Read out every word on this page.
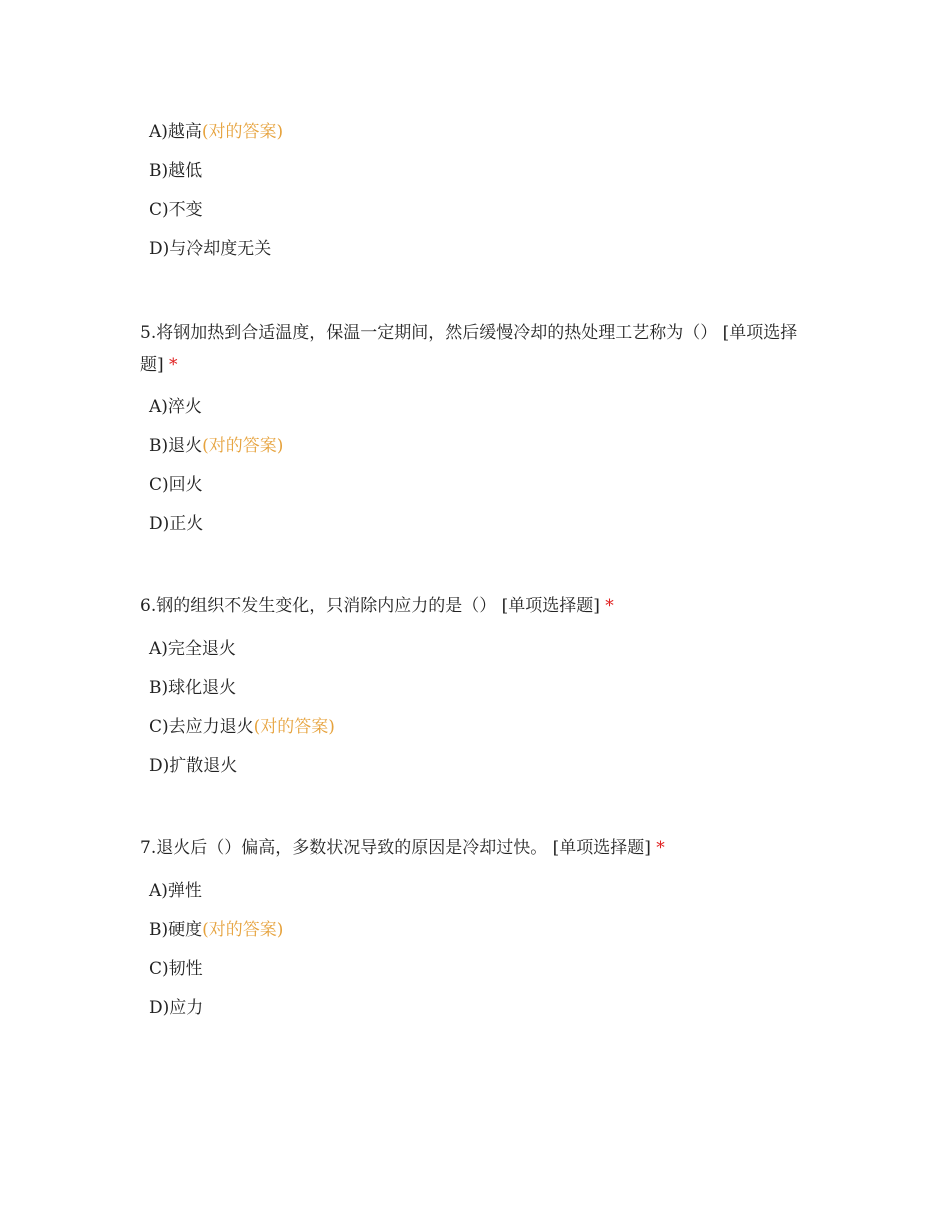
A)越高(对的答案)
B)越低
C)不变
D)与冷却度无关
5.将钢加热到合适温度，保温一定期间，然后缓慢冷却的热处理工艺称为（） [单项选择题] *
A)淬火
B)退火(对的答案)
C)回火
D)正火
6.钢的组织不发生变化，只消除内应力的是（） [单项选择题] *
A)完全退火
B)球化退火
C)去应力退火(对的答案)
D)扩散退火
7.退火后（）偏高，多数状况导致的原因是冷却过快。 [单项选择题] *
A)弹性
B)硬度(对的答案)
C)韧性
D)应力
